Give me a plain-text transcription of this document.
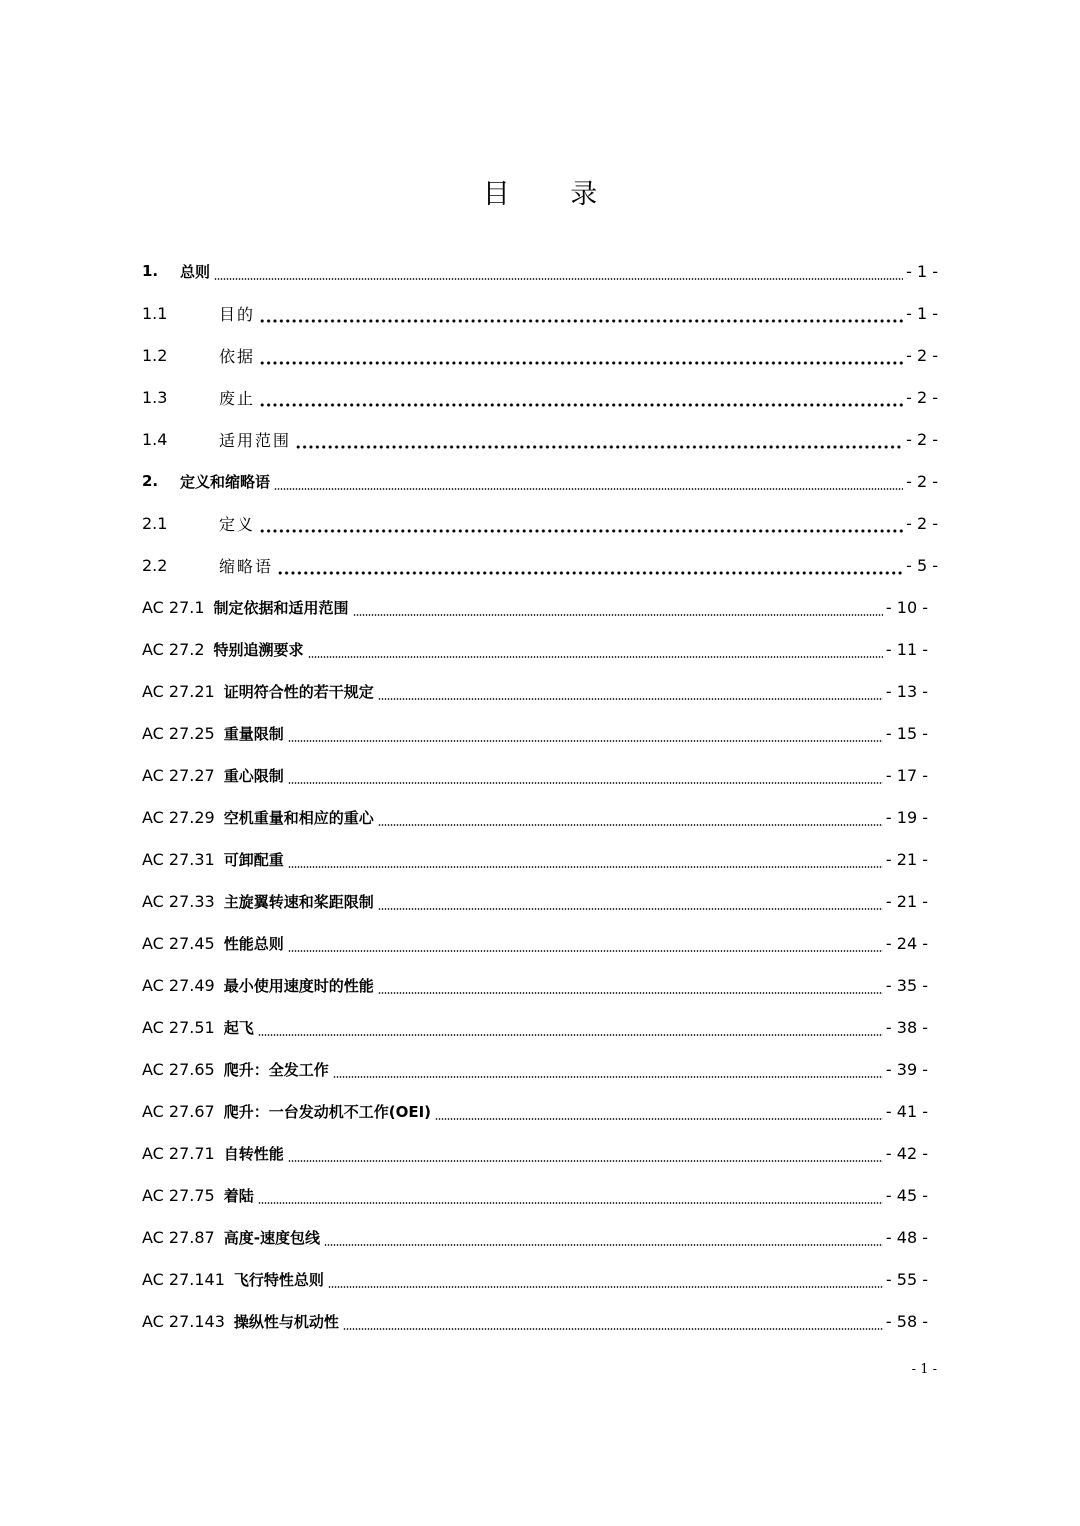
目 录
1.	总则	- 1 -
1.1	目的	- 1 -
1.2	依据	- 2 -
1.3	废止	- 2 -
1.4	适用范围	- 2 -
2.	定义和缩略语	- 2 -
2.1	定义	- 2 -
2.2	缩略语	- 5 -
AC 27.1 制定依据和适用范围	- 10 -
AC 27.2 特别追溯要求	- 11 -
AC 27.21 证明符合性的若干规定	- 13 -
AC 27.25 重量限制	- 15 -
AC 27.27 重心限制	- 17 -
AC 27.29 空机重量和相应的重心	- 19 -
AC 27.31 可卸配重	- 21 -
AC 27.33 主旋翼转速和桨距限制	- 21 -
AC 27.45 性能总则	- 24 -
AC 27.49 最小使用速度时的性能	- 35 -
AC 27.51 起飞	- 38 -
AC 27.65 爬升：全发工作	- 39 -
AC 27.67 爬升：一台发动机不工作(OEI)	- 41 -
AC 27.71 自转性能	- 42 -
AC 27.75 着陆	- 45 -
AC 27.87 高度-速度包线	- 48 -
AC 27.141 飞行特性总则	- 55 -
AC 27.143 操纵性与机动性	- 58 -
- 1 -
